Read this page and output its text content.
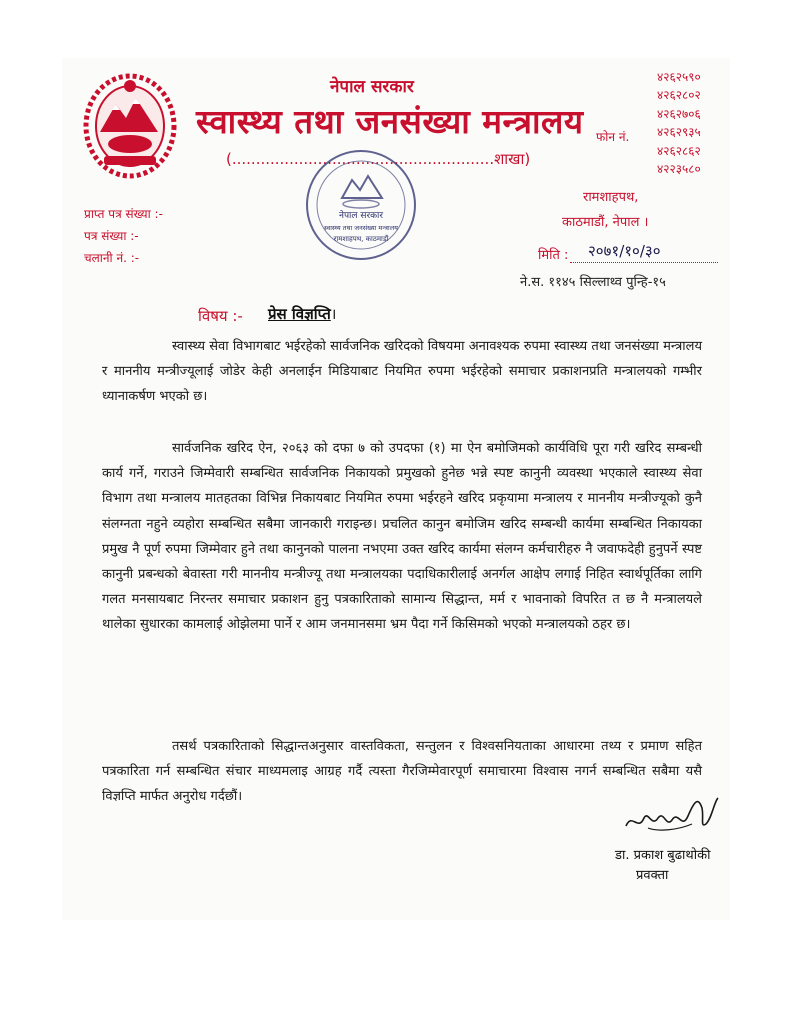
नेपाल सरकार
स्वास्थ्य तथा जनसंख्या मन्त्रालय
(.......................................................शाखा)
४२६२५९०
४२६२८०२
४२६२७०६
४२६२९३५
४२६२८६२
४२२३५८०
फोन नं.
रामशाहपथ,
काठमाडौं, नेपाल ।
प्राप्त पत्र संख्या :-
पत्र संख्या :-
चलानी नं. :-
नेपाल सरकार
स्वास्थ्य तथा जनसंख्या मन्त्रालय
रामशाहपथ, काठमाडौं
मिति : २०७१/१०/३०
ने.स. ११४५ सिल्लाथ्व पुन्हि-१५
विषय :- प्रेस विज्ञप्ति।

स्वास्थ्य सेवा विभागबाट भईरहेको सार्वजनिक खरिदको विषयमा अनावश्यक रुपमा स्वास्थ्य तथा जनसंख्या मन्त्रालय र माननीय मन्त्रीज्यूलाई जोडेर केही अनलाईन मिडियाबाट नियमित रुपमा भईरहेको समाचार प्रकाशनप्रति मन्त्रालयको गम्भीर ध्यानाकर्षण भएको छ।

सार्वजनिक खरिद ऐन, २०६३ को दफा ७ को उपदफा (१) मा ऐन बमोजिमको कार्यविधि पूरा गरी खरिद सम्बन्धी कार्य गर्ने, गराउने जिम्मेवारी सम्बन्धित सार्वजनिक निकायको प्रमुखको हुनेछ भन्ने स्पष्ट कानुनी व्यवस्था भएकाले स्वास्थ्य सेवा विभाग तथा मन्त्रालय मातहतका विभिन्न निकायबाट नियमित रुपमा भईरहने खरिद प्रकृयामा मन्त्रालय र माननीय मन्त्रीज्यूको कुनै संलग्नता नहुने व्यहोरा सम्बन्धित सबैमा जानकारी गराइन्छ। प्रचलित कानुन बमोजिम खरिद सम्बन्धी कार्यमा सम्बन्धित निकायका प्रमुख नै पूर्ण रुपमा जिम्मेवार हुने तथा कानुनको पालना नभएमा उक्त खरिद कार्यमा संलग्न कर्मचारीहरु नै जवाफदेही हुनुपर्ने स्पष्ट कानुनी प्रबन्धको बेवास्ता गरी माननीय मन्त्रीज्यू तथा मन्त्रालयका पदाधिकारीलाई अनर्गल आक्षेप लगाई निहित स्वार्थपूर्तिका लागि गलत मनसायबाट निरन्तर समाचार प्रकाशन हुनु पत्रकारिताको सामान्य सिद्धान्त, मर्म र भावनाको विपरित त छ नै मन्त्रालयले थालेका सुधारका कामलाई ओझेलमा पार्ने र आम जनमानसमा भ्रम पैदा गर्ने किसिमको भएको मन्त्रालयको ठहर छ।

तसर्थ पत्रकारिताको सिद्धान्तअनुसार वास्तविकता, सन्तुलन र विश्वसनियताका आधारमा तथ्य र प्रमाण सहित पत्रकारिता गर्न सम्बन्धित संचार माध्यमलाइ आग्रह गर्दै त्यस्ता गैरजिम्मेवारपूर्ण समाचारमा विश्वास नगर्न सम्बन्धित सबैमा यसै विज्ञप्ति मार्फत अनुरोध गर्दछौं।

डा. प्रकाश बुढाथोकी
प्रवक्ता
